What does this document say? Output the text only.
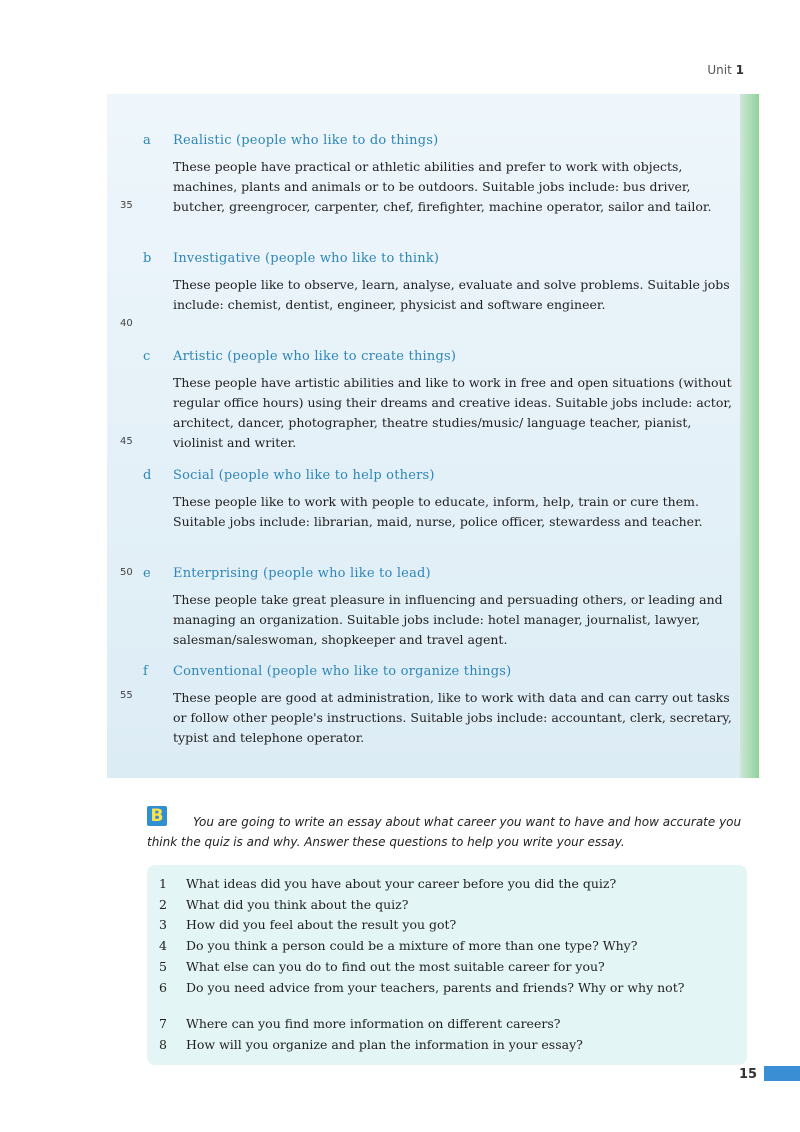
Unit 1
a Realistic (people who like to do things)
These people have practical or athletic abilities and prefer to work with objects, machines, plants and animals or to be outdoors. Suitable jobs include: bus driver, butcher, greengrocer, carpenter, chef, firefighter, machine operator, sailor and tailor.
b Investigative (people who like to think)
These people like to observe, learn, analyse, evaluate and solve problems. Suitable jobs include: chemist, dentist, engineer, physicist and software engineer.
c Artistic (people who like to create things)
These people have artistic abilities and like to work in free and open situations (without regular office hours) using their dreams and creative ideas. Suitable jobs include: actor, architect, dancer, photographer, theatre studies/music/ language teacher, pianist, violinist and writer.
d Social (people who like to help others)
These people like to work with people to educate, inform, help, train or cure them. Suitable jobs include: librarian, maid, nurse, police officer, stewardess and teacher.
e Enterprising (people who like to lead)
These people take great pleasure in influencing and persuading others, or leading and managing an organization. Suitable jobs include: hotel manager, journalist, lawyer, salesman/saleswoman, shopkeeper and travel agent.
f Conventional (people who like to organize things)
These people are good at administration, like to work with data and can carry out tasks or follow other people's instructions. Suitable jobs include: accountant, clerk, secretary, typist and telephone operator.
35
40
45
50
55
B	You are going to write an essay about what career you want to have and how accurate you think the quiz is and why. Answer these questions to help you write your essay.
1 What ideas did you have about your career before you did the quiz?
2 What did you think about the quiz?
3 How did you feel about the result you got?
4 Do you think a person could be a mixture of more than one type? Why?
5 What else can you do to find out the most suitable career for you?
6 Do you need advice from your teachers, parents and friends? Why or why not?
7 Where can you find more information on different careers?
8 How will you organize and plan the information in your essay?
15
